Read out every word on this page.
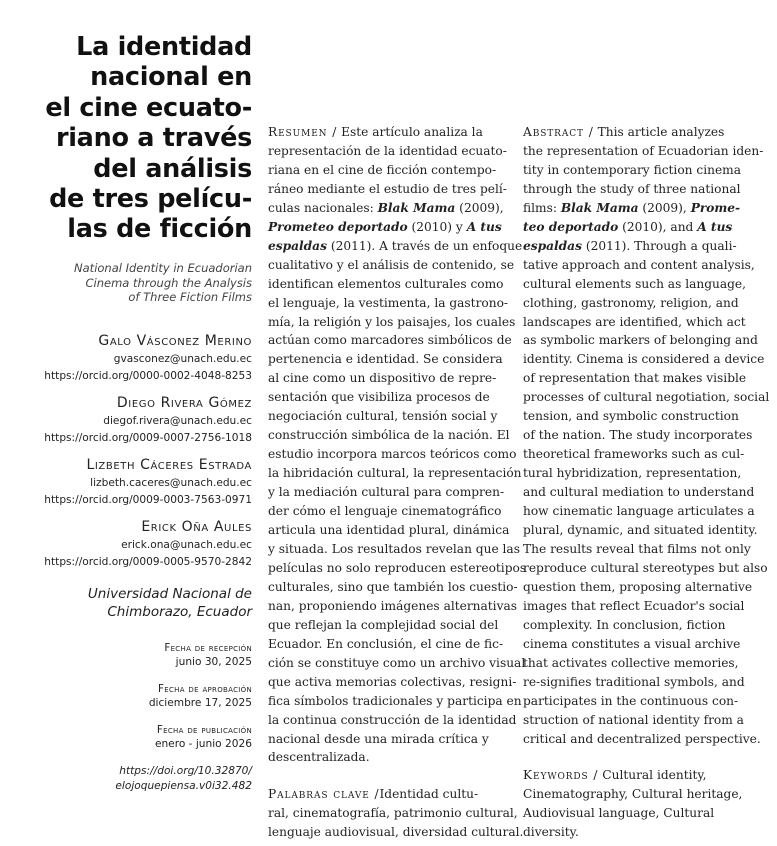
La identidad
nacional en
el cine ecuato-
riano a través
del análisis
de tres pelícu-
las de ficción
National Identity in Ecuadorian
Cinema through the Analysis
of Three Fiction Films
Galo Vásconez Merino
gvasconez@unach.edu.ec
https://orcid.org/0000-0002-4048-8253
Diego Rivera Gómez
diegof.rivera@unach.edu.ec
https://orcid.org/0009-0007-2756-1018
Lizbeth Cáceres Estrada
lizbeth.caceres@unach.edu.ec
https://orcid.org/0009-0003-7563-0971
Erick Oña Aules
erick.ona@unach.edu.ec
https://orcid.org/0009-0005-9570-2842
Universidad Nacional de
Chimborazo, Ecuador
Fecha de recepción
junio 30, 2025
Fecha de aprobación
diciembre 17, 2025
Fecha de publicación
enero - junio 2026
https://doi.org/10.32870/
elojoquepiensa.v0i32.482

Resumen / Este artículo analiza la
representación de la identidad ecuato-
riana en el cine de ficción contempo-
ráneo mediante el estudio de tres pelí-
culas nacionales: Blak Mama (2009),
Prometeo deportado (2010) y A tus
espaldas (2011). A través de un enfoque
cualitativo y el análisis de contenido, se
identifican elementos culturales como
el lenguaje, la vestimenta, la gastrono-
mía, la religión y los paisajes, los cuales
actúan como marcadores simbólicos de
pertenencia e identidad. Se considera
al cine como un dispositivo de repre-
sentación que visibiliza procesos de
negociación cultural, tensión social y
construcción simbólica de la nación. El
estudio incorpora marcos teóricos como
la hibridación cultural, la representación
y la mediación cultural para compren-
der cómo el lenguaje cinematográfico
articula una identidad plural, dinámica
y situada. Los resultados revelan que las
películas no solo reproducen estereotipos
culturales, sino que también los cuestio-
nan, proponiendo imágenes alternativas
que reflejan la complejidad social del
Ecuador. En conclusión, el cine de fic-
ción se constituye como un archivo visual
que activa memorias colectivas, resigni-
fica símbolos tradicionales y participa en
la continua construcción de la identidad
nacional desde una mirada crítica y
descentralizada.

Palabras clave /Identidad cultu-
ral, cinematografía, patrimonio cultural,
lenguaje audiovisual, diversidad cultural.

Abstract / This article analyzes
the representation of Ecuadorian iden-
tity in contemporary fiction cinema
through the study of three national
films: Blak Mama (2009), Prome-
teo deportado (2010), and A tus
espaldas (2011). Through a quali-
tative approach and content analysis,
cultural elements such as language,
clothing, gastronomy, religion, and
landscapes are identified, which act
as symbolic markers of belonging and
identity. Cinema is considered a device
of representation that makes visible
processes of cultural negotiation, social
tension, and symbolic construction
of the nation. The study incorporates
theoretical frameworks such as cul-
tural hybridization, representation,
and cultural mediation to understand
how cinematic language articulates a
plural, dynamic, and situated identity.
The results reveal that films not only
reproduce cultural stereotypes but also
question them, proposing alternative
images that reflect Ecuador's social
complexity. In conclusion, fiction
cinema constitutes a visual archive
that activates collective memories,
re-signifies traditional symbols, and
participates in the continuous con-
struction of national identity from a
critical and decentralized perspective.

Keywords / Cultural identity,
Cinematography, Cultural heritage,
Audiovisual language, Cultural
diversity.
